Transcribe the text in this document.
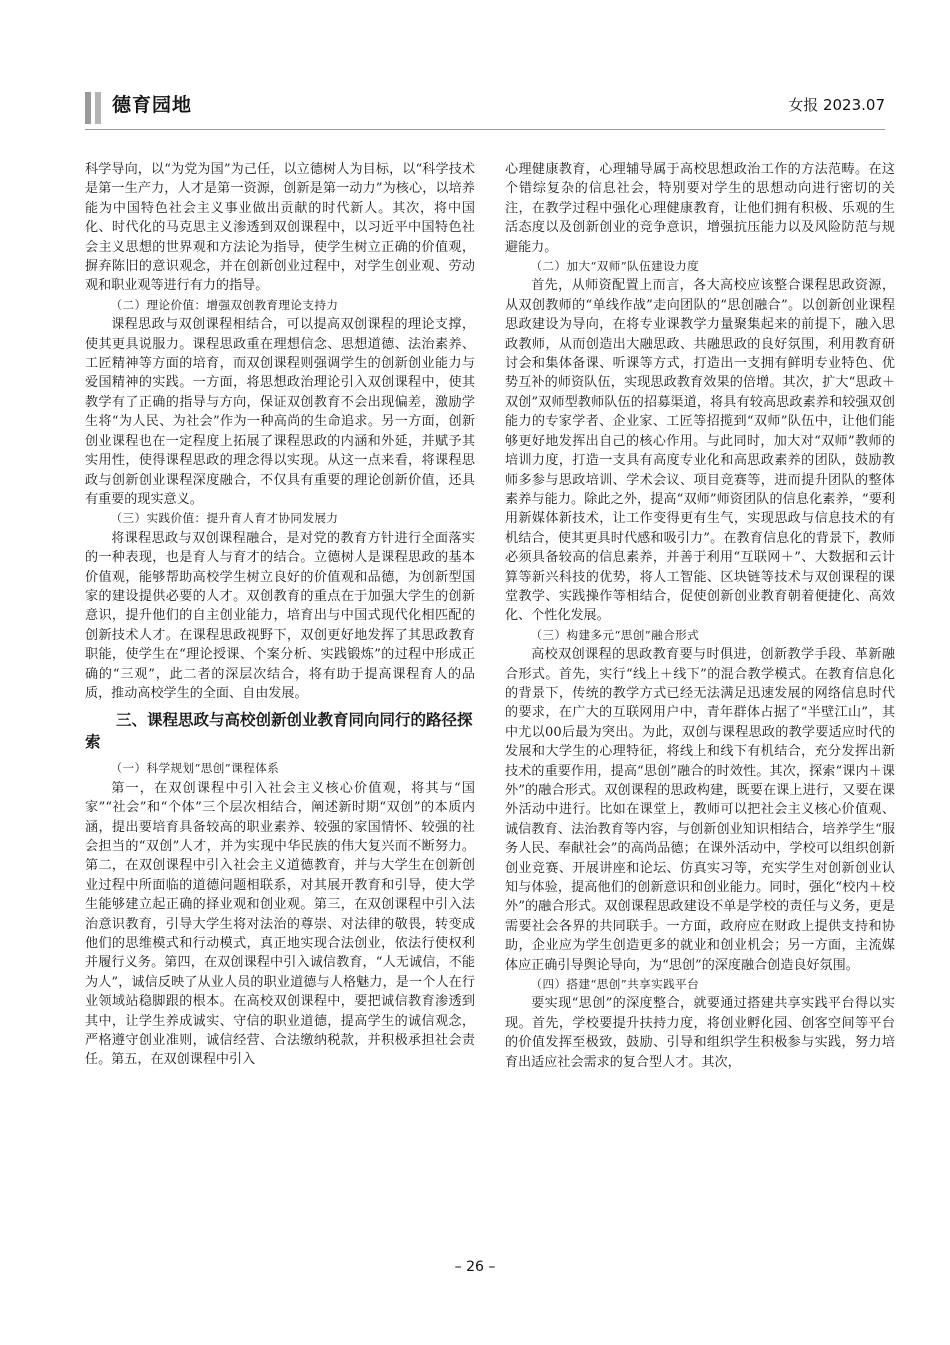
德育园地	女报 2023.07

科学导向，以“为党为国”为己任，以立德树人为目标，以“科学技术是第一生产力，人才是第一资源，创新是第一动力”为核心，以培养能为中国特色社会主义事业做出贡献的时代新人。其次，将中国化、时代化的马克思主义渗透到双创课程中，以习近平中国特色社会主义思想的世界观和方法论为指导，使学生树立正确的价值观，摒弃陈旧的意识观念，并在创新创业过程中，对学生创业观、劳动观和职业观等进行有力的指导。

（二）理论价值：增强双创教育理论支持力

课程思政与双创课程相结合，可以提高双创课程的理论支撑，使其更具说服力。课程思政重在理想信念、思想道德、法治素养、工匠精神等方面的培育，而双创课程则强调学生的创新创业能力与爱国精神的实践。一方面，将思想政治理论引入双创课程中，使其教学有了正确的指导与方向，保证双创教育不会出现偏差，激励学生将“为人民、为社会”作为一种高尚的生命追求。另一方面，创新创业课程也在一定程度上拓展了课程思政的内涵和外延，并赋予其实用性，使得课程思政的理念得以实现。从这一点来看，将课程思政与创新创业课程深度融合，不仅具有重要的理论创新价值，还具有重要的现实意义。

（三）实践价值：提升育人育才协同发展力

将课程思政与双创课程融合，是对党的教育方针进行全面落实的一种表现，也是育人与育才的结合。立德树人是课程思政的基本价值观，能够帮助高校学生树立良好的价值观和品德，为创新型国家的建设提供必要的人才。双创教育的重点在于加强大学生的创新意识，提升他们的自主创业能力，培育出与中国式现代化相匹配的创新技术人才。在课程思政视野下，双创更好地发挥了其思政教育职能，使学生在“理论授课、个案分析、实践锻炼”的过程中形成正确的“三观”，此二者的深层次结合，将有助于提高课程育人的品质，推动高校学生的全面、自由发展。

三、课程思政与高校创新创业教育同向同行的路径探索
（一）科学规划“思创”课程体系

第一，在双创课程中引入社会主义核心价值观，将其与“国家”“社会”和“个体”三个层次相结合，阐述新时期“双创”的本质内涵，提出要培育具备较高的职业素养、较强的家国情怀、较强的社会担当的“双创”人才，并为实现中华民族的伟大复兴而不断努力。第二，在双创课程中引入社会主义道德教育，并与大学生在创新创业过程中所面临的道德问题相联系，对其展开教育和引导，使大学生能够建立起正确的择业观和创业观。第三，在双创课程中引入法治意识教育，引导大学生将对法治的尊崇、对法律的敬畏，转变成他们的思维模式和行动模式，真正地实现合法创业，依法行使权利并履行义务。第四，在双创课程中引入诚信教育，“人无诚信，不能为人”，诚信反映了从业人员的职业道德与人格魅力，是一个人在行业领域站稳脚跟的根本。在高校双创课程中，要把诚信教育渗透到其中，让学生养成诚实、守信的职业道德，提高学生的诚信观念，严格遵守创业准则，诚信经营、合法缴纳税款，并积极承担社会责任。第五，在双创课程中引入

心理健康教育，心理辅导属于高校思想政治工作的方法范畴。在这个错综复杂的信息社会，特别要对学生的思想动向进行密切的关注，在教学过程中强化心理健康教育，让他们拥有积极、乐观的生活态度以及创新创业的竞争意识，增强抗压能力以及风险防范与规避能力。

（二）加大“双师”队伍建设力度

首先，从师资配置上而言，各大高校应该整合课程思政资源，从双创教师的“单线作战”走向团队的“思创融合”。以创新创业课程思政建设为导向，在将专业课教学力量聚集起来的前提下，融入思政教师，从而创造出大融思政、共融思政的良好氛围，利用教育研讨会和集体备课、听课等方式，打造出一支拥有鲜明专业特色、优势互补的师资队伍，实现思政教育效果的倍增。其次，扩大“思政＋双创”双师型教师队伍的招募渠道，将具有较高思政素养和较强双创能力的专家学者、企业家、工匠等招揽到“双师”队伍中，让他们能够更好地发挥出自己的核心作用。与此同时，加大对“双师”教师的培训力度，打造一支具有高度专业化和高思政素养的团队，鼓励教师多参与思政培训、学术会议、项目竞赛等，进而提升团队的整体素养与能力。除此之外，提高“双师”师资团队的信息化素养，“要利用新媒体新技术，让工作变得更有生气，实现思政与信息技术的有机结合，使其更具时代感和吸引力”。在教育信息化的背景下，教师必须具备较高的信息素养，并善于利用“互联网＋”、大数据和云计算等新兴科技的优势，将人工智能、区块链等技术与双创课程的课堂教学、实践操作等相结合，促使创新创业教育朝着便捷化、高效化、个性化发展。

（三）构建多元“思创”融合形式

高校双创课程的思政教育要与时俱进，创新教学手段、革新融合形式。首先，实行“线上＋线下”的混合教学模式。在教育信息化的背景下，传统的教学方式已经无法满足迅速发展的网络信息时代的要求，在广大的互联网用户中，青年群体占据了“半壁江山”，其中尤以00后最为突出。为此，双创与课程思政的教学要适应时代的发展和大学生的心理特征，将线上和线下有机结合，充分发挥出新技术的重要作用，提高“思创”融合的时效性。其次，探索“课内＋课外”的融合形式。双创课程的思政构建，既要在课上进行，又要在课外活动中进行。比如在课堂上，教师可以把社会主义核心价值观、诚信教育、法治教育等内容，与创新创业知识相结合，培养学生“服务人民、奉献社会”的高尚品德；在课外活动中，学校可以组织创新创业竞赛、开展讲座和论坛、仿真实习等，充实学生对创新创业认知与体验，提高他们的创新意识和创业能力。同时，强化“校内＋校外”的融合形式。双创课程思政建设不单是学校的责任与义务，更是需要社会各界的共同联手。一方面，政府应在财政上提供支持和协助，企业应为学生创造更多的就业和创业机会；另一方面，主流媒体应正确引导舆论导向，为“思创”的深度融合创造良好氛围。

（四）搭建“思创”共享实践平台

要实现“思创”的深度整合，就要通过搭建共享实践平台得以实现。首先，学校要提升扶持力度，将创业孵化园、创客空间等平台的价值发挥至极致，鼓励、引导和组织学生积极参与实践，努力培育出适应社会需求的复合型人才。其次，

– 26 –
